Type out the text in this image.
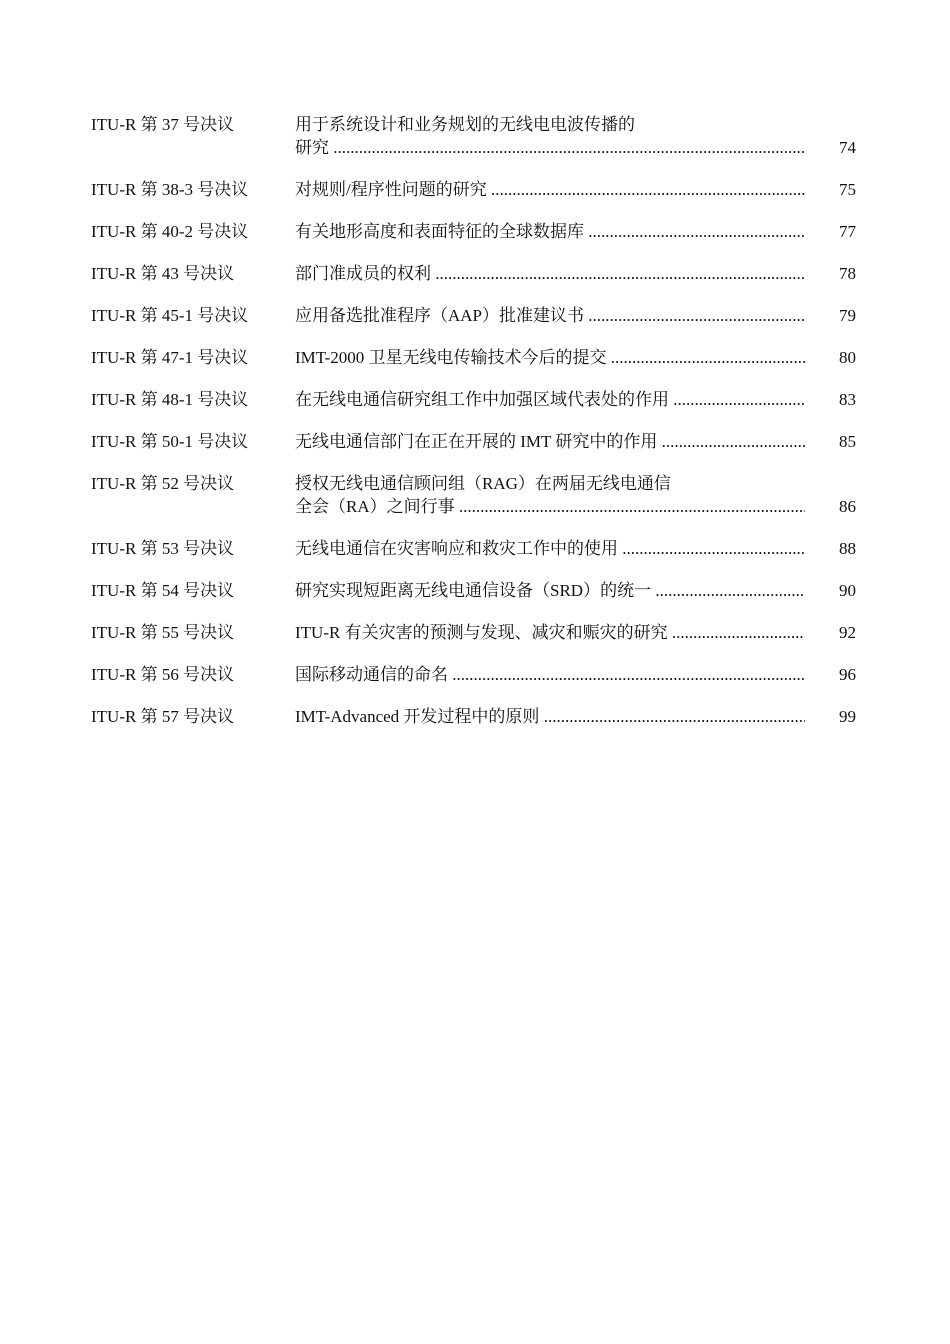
ITU-R 第 37 号决议	用于系统设计和业务规划的无线电电波传播的
研究 .....	74
ITU-R 第 38-3 号决议	对规则/程序性问题的研究 .....	75
ITU-R 第 40-2 号决议	有关地形高度和表面特征的全球数据库 .....	77
ITU-R 第 43 号决议	部门准成员的权利 .....	78
ITU-R 第 45-1 号决议	应用备选批准程序（AAP）批准建议书 .....	79
ITU-R 第 47-1 号决议	IMT-2000 卫星无线电传输技术今后的提交 .....	80
ITU-R 第 48-1 号决议	在无线电通信研究组工作中加强区域代表处的作用 .....	83
ITU-R 第 50-1 号决议	无线电通信部门在正在开展的 IMT 研究中的作用 .....	85
ITU-R 第 52 号决议	授权无线电通信顾问组（RAG）在两届无线电通信
全会（RA）之间行事 .....	86
ITU-R 第 53 号决议	无线电通信在灾害响应和救灾工作中的使用 .....	88
ITU-R 第 54 号决议	研究实现短距离无线电通信设备（SRD）的统一 .....	90
ITU-R 第 55 号决议	ITU-R 有关灾害的预测与发现、减灾和赈灾的研究 .....	92
ITU-R 第 56 号决议	国际移动通信的命名 .....	96
ITU-R 第 57 号决议	IMT-Advanced 开发过程中的原则 .....	99
